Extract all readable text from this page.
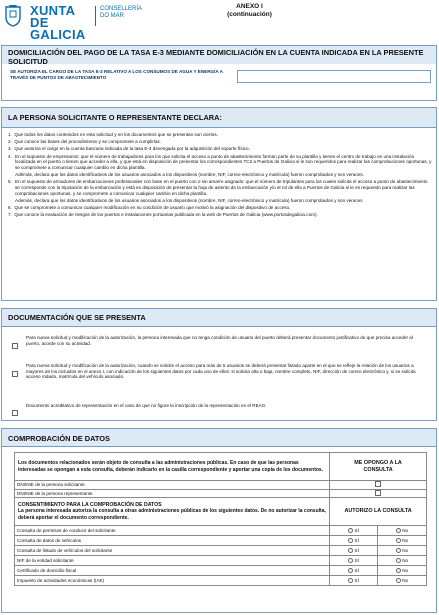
XUNTA DE GALICIA
CONSELLERÍA
DO MAR
ANEXO I
(continuación)
DOMICILIACIÓN DEL PAGO DE LA TASA E-3 MEDIANTE DOMICILIACIÓN EN LA CUENTA INDICADA EN LA PRESENTE SOLICITUD
SE AUTORIZA EL CARGO DE LA TASA E-3 RELATIVO A LOS CONSUMOS DE AGUA Y ENERGÍA A TRAVÉS DE PUNTOS DE ABASTECIMIENTO
LA PERSONA SOLICITANTE O REPRESENTANTE DECLARA:
1.  Que todos los datos contenidos en esta solicitud y en los documentos que se presentan son ciertos.
2.  Que conoce las bases del procedimiento y se compromete a cumplirlas.
3.  Que autoriza el cargo en la cuenta bancaria indicada de la tasa E-4 devengada por la adquisición del soporte físico.
4. En el supuesto de empresarios: que el número de trabajadores para los que solicita el acceso a punto de abastecimiento forman parte de su plantilla y tienen el centro de trabajo en una instalación localizada en el puerto o tienen que acceder a ella, y que está en disposición de presentar los correspondientes TC2 a Puertos de Galicia si le son requeridos para realizar las comprobaciones oportunas, y se compromete a comunicar cualquier cambio en dicha plantilla.
Adémás, declara que los datos identificativos de los usuarios asociados a los dispositivos (nombre, NIF, correo-electrónico y matrícula) fueron comprobados y son veraces.
5. En el supuesto de armadores de embarcaciones profesionales con base en el puerto con o sin amarre asignado: que el número de tripulantes para los cuales solicita el acceso a punto de abastecimiento se corresponde con la tripulación de la embarcación y está en disposición de presentar la hoja de asiento de la embarcación y/o el rol de ella a Puertos de Galicia si le es requerido para realizar las comprobaciones oportunas, y se compromete a comunicar cualquier cambio en dicha plantilla.
Además, declara que los datos identificativos de los usuarios asociados a los dispositivos (nombre, NIF, correo-electrónico y matrícula) fueron comprobados y son veraces
6.  Que se compromete a comunicar cualquier modificación en su condición de usuario que motivó la asignación del dispositivo de acceso.
7.  Que conoce la evaluación de riesgos de los puertos e instalaciones portuarias publicada en la web de Puertos de Galicia (www.portosdegalicia.com).
DOCUMENTACIÓN QUE SE PRESENTA
Para nueva solicitud y modificación de la autorización, la persona interesada que no tenga condición de usuario del puerto deberá presentar documento justificativo de que precisa acceder al puerto, acorde con su actividad.
Para nueva solicitud y modificación de la autorización, cuando se solicite el acceso para más de 5 usuarios se deberá presentar listado aparte en el que se refleje la relación de los usuarios a mayores de los incluidos en el anexo I, con indicación de los siguientes datos por cada uno de ellos: si solicita alta o baja, nombre completo, NIF, dirección de correo electrónico y, si se solicita acceso rodado, matrícula del vehículo asociado.
Documento acreditativo de representación en el caso de que no figure la inscripción de la representación en el REAG.
COMPROBACIÓN DE DATOS
Los documentos relacionados serán objeto de consulta a las administraciones públicas. En caso de que las personas interesadas se opongan a esta consulta, deberán indicarlo en la casilla correspondiente y aportar una copia de los documentos.	ME OPONGO A LA CONSULTA	
DNI/NIE de la persona solicitante		
DNI/NIE de la persona representante		

CONSENTIMIENTO PARA LA COMPROBACIÓN DE DATOS
La persona interesada autoriza la consulta a otras administraciones públicas de los siguientes datos. De no autorizar la consulta, deberá aportar el documento correspondiente.	AUTORIZO LA CONSULTA	
Consulta de permisos de conducir del solicitante	SÍ	No
Consulta de datos de vehículos	SÍ	No
Consulta de listado de vehículos del solicitante	SÍ	No
NIF de la entidad solicitante	SÍ	No
Certificado de domicilio fiscal	SÍ	No
Impuesto de actividades económicas (IAE)	SÍ	No
